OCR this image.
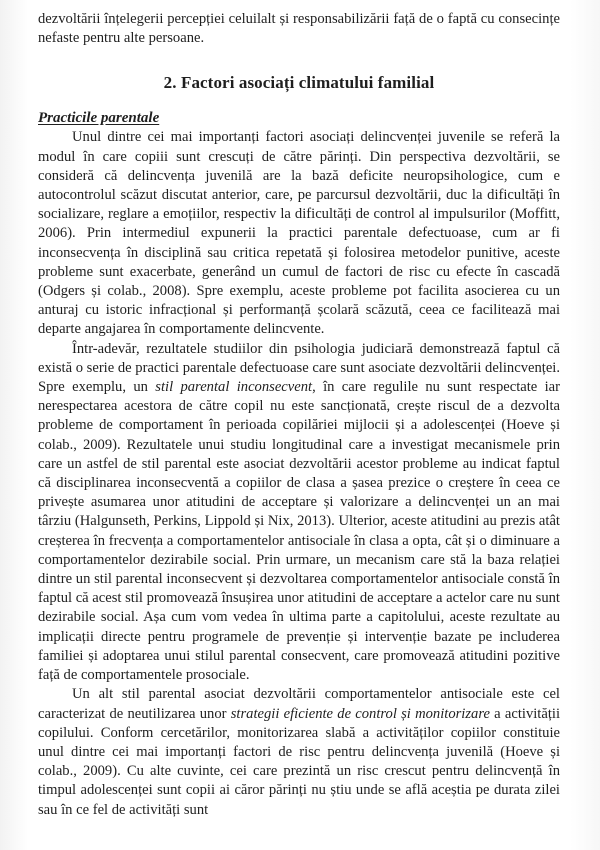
dezvoltării înțelegerii percepției celuilalt și responsabilizării față de o faptă cu consecințe nefaste pentru alte persoane.

2. Factori asociați climatului familial
Practicile parentale

Unul dintre cei mai importanți factori asociați delincvenței juvenile se referă la modul în care copiii sunt crescuți de către părinți. Din perspectiva dezvoltării, se consideră că delincvența juvenilă are la bază deficite neuropsihologice, cum e autocontrolul scăzut discutat anterior, care, pe parcursul dezvoltării, duc la dificultăți în socializare, reglare a emoțiilor, respectiv la dificultăți de control al impulsurilor (Moffitt, 2006). Prin intermediul expunerii la practici parentale defectuoase, cum ar fi inconsecvența în disciplină sau critica repetată și folosirea metodelor punitive, aceste probleme sunt exacerbate, generând un cumul de factori de risc cu efecte în cascadă (Odgers și colab., 2008). Spre exemplu, aceste probleme pot facilita asocierea cu un anturaj cu istoric infracțional și performanță școlară scăzută, ceea ce facilitează mai departe angajarea în comportamente delincvente.

Într-adevăr, rezultatele studiilor din psihologia judiciară demonstrează faptul că există o serie de practici parentale defectuoase care sunt asociate dezvoltării delincvenței. Spre exemplu, un stil parental inconsecvent, în care regulile nu sunt respectate iar nerespectarea acestora de către copil nu este sancționată, crește riscul de a dezvolta probleme de comportament în perioada copilăriei mijlocii și a adolescenței (Hoeve și colab., 2009). Rezultatele unui studiu longitudinal care a investigat mecanismele prin care un astfel de stil parental este asociat dezvoltării acestor probleme au indicat faptul că disciplinarea inconsecventă a copiilor de clasa a șasea prezice o creștere în ceea ce privește asumarea unor atitudini de acceptare și valorizare a delincvenței un an mai târziu (Halgunseth, Perkins, Lippold și Nix, 2013). Ulterior, aceste atitudini au prezis atât creșterea în frecvența a comportamentelor antisociale în clasa a opta, cât și o diminuare a comportamentelor dezirabile social. Prin urmare, un mecanism care stă la baza relației dintre un stil parental inconsecvent și dezvoltarea comportamentelor antisociale constă în faptul că acest stil promovează însușirea unor atitudini de acceptare a actelor care nu sunt dezirabile social. Așa cum vom vedea în ultima parte a capitolului, aceste rezultate au implicații directe pentru programele de prevenție și intervenție bazate pe includerea familiei și adoptarea unui stilul parental consecvent, care promovează atitudini pozitive față de comportamentele prosociale.

Un alt stil parental asociat dezvoltării comportamentelor antisociale este cel caracterizat de neutilizarea unor strategii eficiente de control și monitorizare a activității copilului. Conform cercetărilor, monitorizarea slabă a activităților copiilor constituie unul dintre cei mai importanți factori de risc pentru delincvența juvenilă (Hoeve și colab., 2009). Cu alte cuvinte, cei care prezintă un risc crescut pentru delincvență în timpul adolescenței sunt copii ai căror părinți nu știu unde se află aceștia pe durata zilei sau în ce fel de activități sunt
